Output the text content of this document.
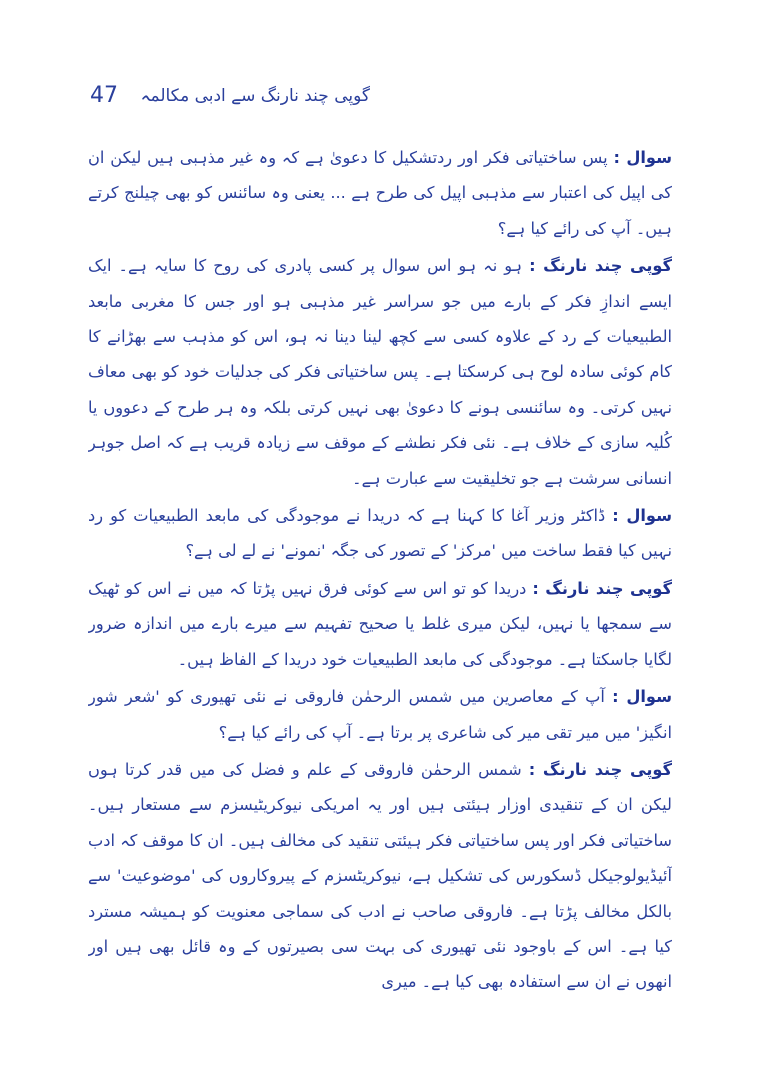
47 گوپی چند نارنگ سے ادبی مکالمہ

سوال : پس ساختیاتی فکر اور ردتشکیل کا دعویٰ ہے کہ وہ غیر مذہبی ہیں لیکن ان کی اپیل کی اعتبار سے مذہبی اپیل کی طرح ہے ... یعنی وہ سائنس کو بھی چیلنج کرتے ہیں۔ آپ کی رائے کیا ہے؟

گوپی چند نارنگ : ہو نہ ہو اس سوال پر کسی پادری کی روح کا سایہ ہے۔ ایک ایسے اندازِ فکر کے بارے میں جو سراسر غیر مذہبی ہو اور جس کا مغربی مابعد الطبیعیات کے رد کے علاوہ کسی سے کچھ لینا دینا نہ ہو، اس کو مذہب سے بھڑانے کا کام کوئی سادہ لوح ہی کرسکتا ہے۔ پس ساختیاتی فکر کی جدلیات خود کو بھی معاف نہیں کرتی۔ وہ سائنسی ہونے کا دعویٰ بھی نہیں کرتی بلکہ وہ ہر طرح کے دعووں یا کُلیہ سازی کے خلاف ہے۔ نئی فکر نطشے کے موقف سے زیادہ قریب ہے کہ اصل جوہر انسانی سرشت ہے جو تخلیقیت سے عبارت ہے۔

سوال : ڈاکٹر وزیر آغا کا کہنا ہے کہ دریدا نے موجودگی کی مابعد الطبیعیات کو رد نہیں کیا فقط ساخت میں 'مرکز' کے تصور کی جگہ 'نمونے' نے لے لی ہے؟

گوپی چند نارنگ : دریدا کو تو اس سے کوئی فرق نہیں پڑتا کہ میں نے اس کو ٹھیک سے سمجھا یا نہیں، لیکن میری غلط یا صحیح تفہیم سے میرے بارے میں اندازہ ضرور لگایا جاسکتا ہے۔ موجودگی کی مابعد الطبیعیات خود دریدا کے الفاظ ہیں۔

سوال : آپ کے معاصرین میں شمس الرحمٰن فاروقی نے نئی تھیوری کو 'شعر شور انگیز' میں میر تقی میر کی شاعری پر برتا ہے۔ آپ کی رائے کیا ہے؟

گوپی چند نارنگ : شمس الرحمٰن فاروقی کے علم و فضل کی میں قدر کرتا ہوں لیکن ان کے تنقیدی اوزار ہیئتی ہیں اور یہ امریکی نیوکریٹیسزم سے مستعار ہیں۔ ساختیاتی فکر اور پس ساختیاتی فکر ہیئتی تنقید کی مخالف ہیں۔ ان کا موقف کہ ادب آئیڈیولوجیکل ڈسکورس کی تشکیل ہے، نیوکریٹسزم کے پیروکاروں کی 'موضوعیت' سے بالکل مخالف پڑتا ہے۔ فاروقی صاحب نے ادب کی سماجی معنویت کو ہمیشہ مسترد کیا ہے۔ اس کے باوجود نئی تھیوری کی بہت سی بصیرتوں کے وہ قائل بھی ہیں اور انھوں نے ان سے استفادہ بھی کیا ہے۔ میری
